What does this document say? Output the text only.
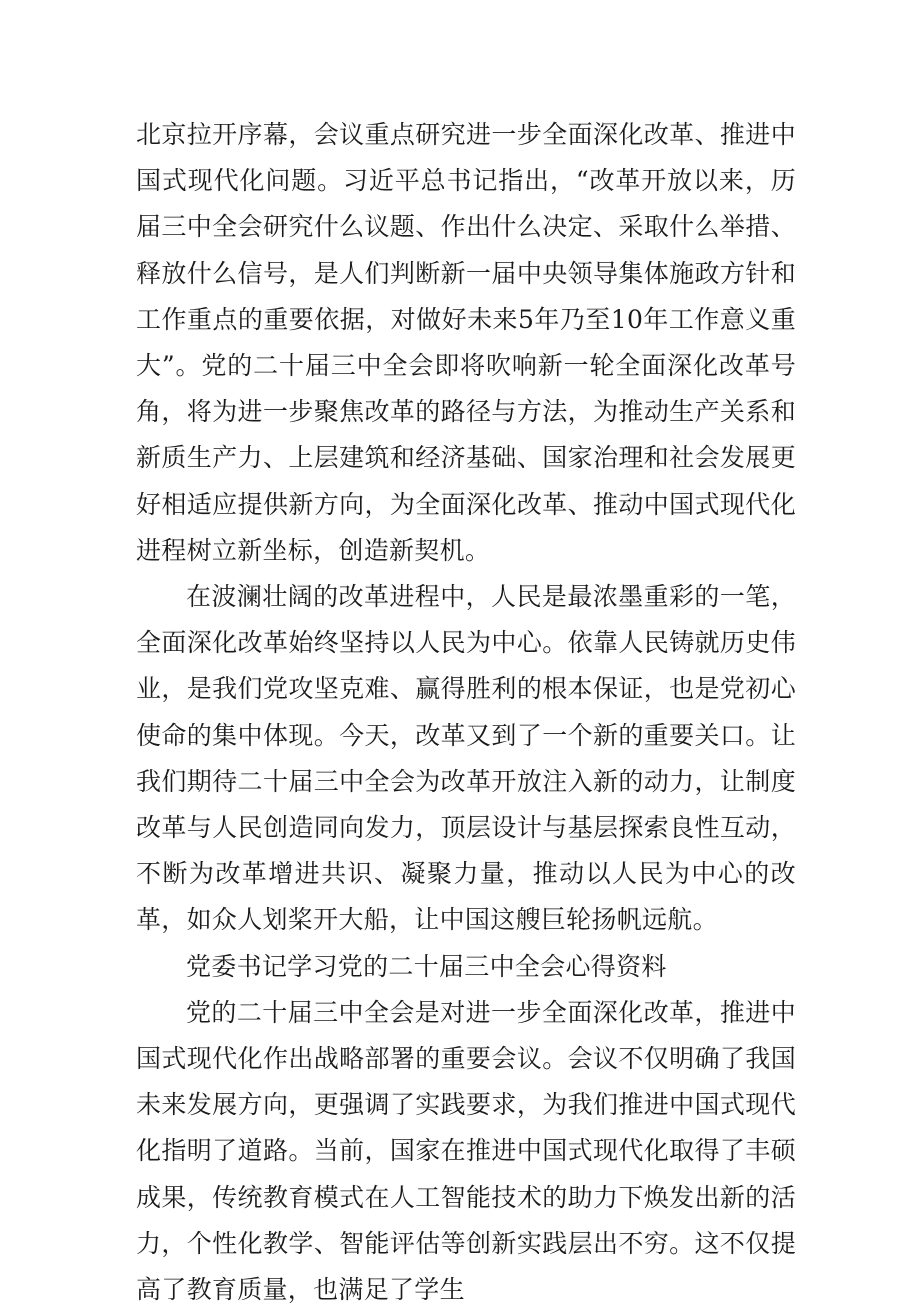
北京拉开序幕，会议重点研究进一步全面深化改革、推进中国式现代化问题。习近平总书记指出，“改革开放以来，历届三中全会研究什么议题、作出什么决定、采取什么举措、释放什么信号，是人们判断新一届中央领导集体施政方针和工作重点的重要依据，对做好未来5年乃至10年工作意义重大”。党的二十届三中全会即将吹响新一轮全面深化改革号角，将为进一步聚焦改革的路径与方法，为推动生产关系和新质生产力、上层建筑和经济基础、国家治理和社会发展更好相适应提供新方向，为全面深化改革、推动中国式现代化进程树立新坐标，创造新契机。

在波澜壮阔的改革进程中，人民是最浓墨重彩的一笔，全面深化改革始终坚持以人民为中心。依靠人民铸就历史伟业，是我们党攻坚克难、赢得胜利的根本保证，也是党初心使命的集中体现。今天，改革又到了一个新的重要关口。让我们期待二十届三中全会为改革开放注入新的动力，让制度改革与人民创造同向发力，顶层设计与基层探索良性互动，不断为改革增进共识、凝聚力量，推动以人民为中心的改革，如众人划桨开大船，让中国这艘巨轮扬帆远航。

党委书记学习党的二十届三中全会心得资料

党的二十届三中全会是对进一步全面深化改革，推进中国式现代化作出战略部署的重要会议。会议不仅明确了我国未来发展方向，更强调了实践要求，为我们推进中国式现代化指明了道路。当前，国家在推进中国式现代化取得了丰硕成果，传统教育模式在人工智能技术的助力下焕发出新的活力，个性化教学、智能评估等创新实践层出不穷。这不仅提高了教育质量，也满足了学生
